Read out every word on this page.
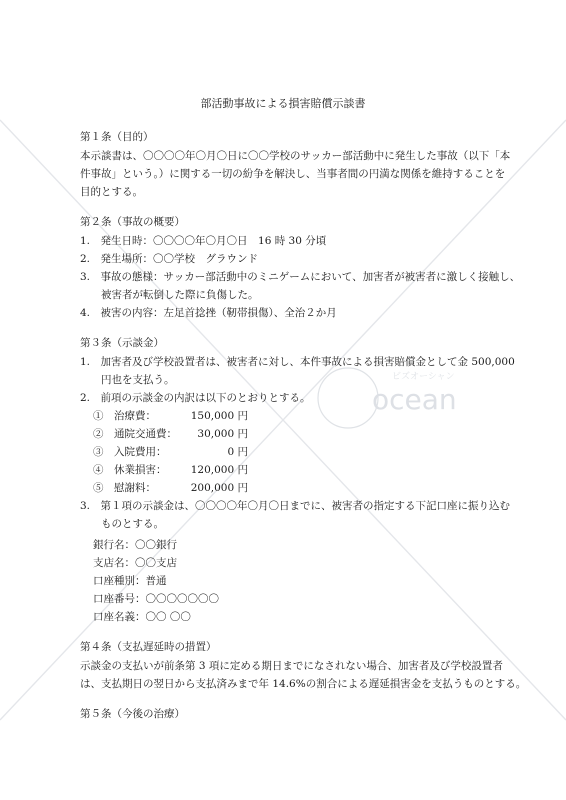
ocean
ビズオーシャン
部活動事故による損害賠償示談書
第１条（目的）
本示談書は、〇〇〇〇年〇月〇日に〇〇学校のサッカー部活動中に発生した事故（以下「本
件事故」という。）に関する一切の紛争を解決し、当事者間の円満な関係を維持することを
目的とする。
第２条（事故の概要）
1.　発生日時：〇〇〇〇年〇月〇日　16 時 30 分頃
2.　発生場所：〇〇学校　グラウンド
3.　事故の態様：サッカー部活動中のミニゲームにおいて、加害者が被害者に激しく接触し、
　　被害者が転倒した際に負傷した。
4.　被害の内容：左足首捻挫（靭帯損傷）、全治２か月
第３条（示談金）
1.　加害者及び学校設置者は、被害者に対し、本件事故による損害賠償金として金 500,000
　　円也を支払う。
2.　前項の示談金の内訳は以下のとおりとする。
①　治療費：	150,000 円
②　通院交通費：	30,000 円
③　入院費用：	0 円
④　休業損害：	120,000 円
⑤　慰謝料：	200,000 円
3.　第１項の示談金は、〇〇〇〇年〇月〇日までに、被害者の指定する下記口座に振り込む
　　ものとする。
銀行名：〇〇銀行
支店名：〇〇支店
口座種別：普通
口座番号：〇〇〇〇〇〇〇
口座名義：〇〇 〇〇
第４条（支払遅延時の措置）
示談金の支払いが前条第 3 項に定める期日までになされない場合、加害者及び学校設置者
は、支払期日の翌日から支払済みまで年 14.6%の割合による遅延損害金を支払うものとする。
第５条（今後の治療）
